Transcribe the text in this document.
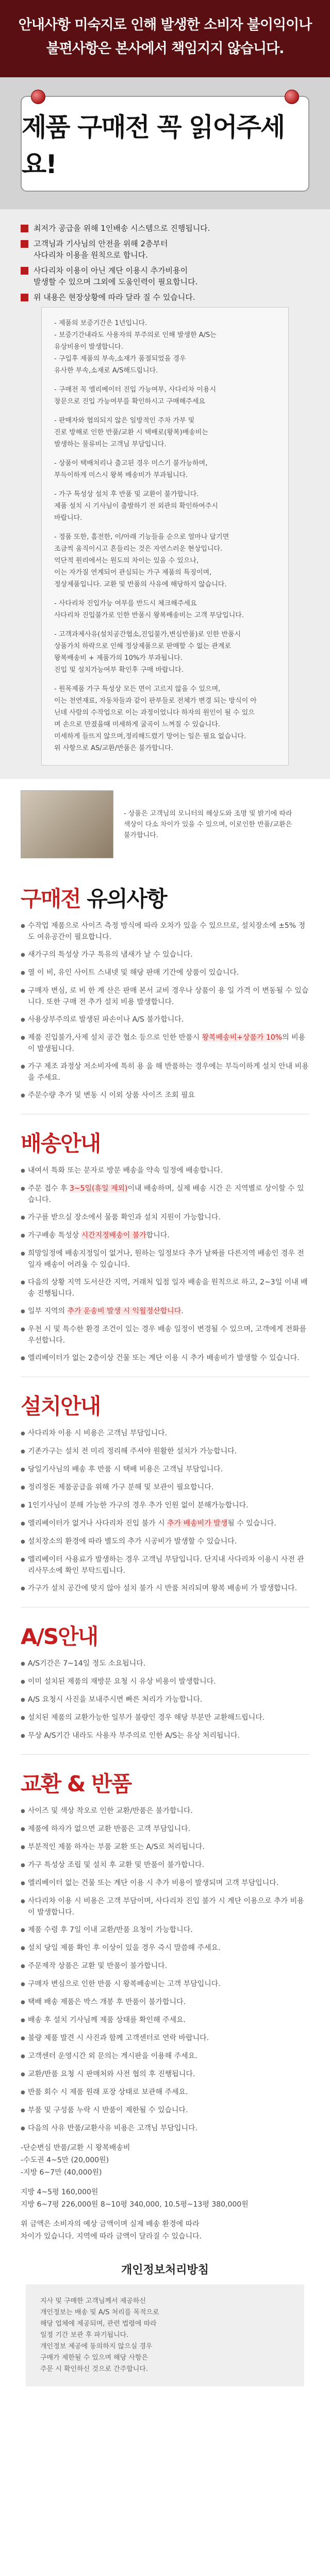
안내사항 미숙지로 인해 발생한 소비자 불이익이나

불편사항은 본사에서 책임지지 않습니다.

제품 구매전 꼭 읽어주세요!
최저가 공급을 위해 1인배송 시스템으로 진행됩니다.
고객님과 기사님의 안전을 위해 2층부터
사다리차 이용을 원칙으로 합니다.
사다리차 이용이 아닌 계단 이용시 추가비용이
발생할 수 있으며 그외에 도움인력이 필요합니다.
위 내용은 현장상황에 따라 달라 질 수 있습니다.

- 제품의 보증기간은 1년입니다.

- 보증기간내라도 사용자의 부주의로 인해 발생한 A/S는

유상비용이 발생합니다.

- 구입후 제품의 부속,소재가 품절되었을 경우

유사한 부속,소재로 A/S해드립니다.

- 구매전 꼭 엘리베이터 진입 가능여부, 사다리차 이용시

창문으로 진입 가능여부를 확인하시고 구매해주세요

- 판매자와 협의되지 않은 일방적인 주차 가부 및

진로 방해로 인한 반품/교환 시 택배로(왕복)배송비는

발생하는 물류비는 고객님 부담입니다.

- 상품이 택배처리나 출고된 경우 미스기 불가능하며,

부득이하게 미스시 왕복 배송비가 부과됩니다.

- 가구 특성상 설치 후 반품 및 교환이 불가합니다.

제품 설치 시 기사님이 출발하기 전 외관의 확인하여주시

바랍니다.

- 정품 또한, 흠전한, 이/아래 기능들을 순으로 얼마나 답기면

조금씩 움직이시고 흔들리는 것은 자연스러운 현상입니다.

억단적 원리에서는 원도의 차이는 있을 수 있으나,

이는 자가질 연계되어 관심되는 가구 제품의 특징이며,

정상제품입니다. 교환 및 반품의 사유에 해당하지 않습니다.

- 사다리차 진입가능 여부를 반드시 체크해주세요

사다리차 진입불가로 인한 반품시 왕복배송비는 고객 부담입니다.

- 고객과제사유(설치공간협소,진입불가,변심반품)로 인한 반품시

상품가치 하락으로 인해 정상제품으로 판매할 수 없는 관계로

왕복배송비 + 제품가의 10%가 부과됩니다.

진입 및 설치가능여부 확인후 구매 바랍니다.

- 원목제품 가구 특성상 모든 면이 고르지 않을 수 있으며,

이는 천연재료, 자동차들과 같이 판부들로 전체가 변경 되는 방식이 아

닌데 사람의 수작업으로 이는 과정이었니다 하자의 원인이 될 수 있으

며 손으로 만졌을때 미세하게 굴곡이 느껴질 수 있습니다.

미세하게 들뜨지 않으며,정리해드렸기 망어는 일은 필요 없습니다.

위 사항으로 AS/교환/반품은 불가합니다.

- 상품은 고객님의 모니터의 해상도와 조명 및 밝기에 따라

색상이 다소 차이가 있을 수 있으며, 이로인한 반품/교환은

불가합니다.

구매전 유의사항
● 수작업 제품으로 사이즈 측정 방식에 따라 오차가 있을 수 있으므로, 설치장소에 ±5% 정도 여유공간이 필요합니다.
● 새가구의 특성상 가구 특유의 냄새가 날 수 있습니다.
● 열 이 비, 유인 사이트 스내넷 및 해당 판매 기간에 상품이 있습니다.
● 구매자 변심, 로 비 한 계 산은 판매 본서 교비 경우나 상품이 용 일 가격 이 변동될 수 있습니다. 또한 구매 전 추가 설치 비용 발생합니다.
● 사용상부주의로 발생된 파손이나 A/S 불가합니다.
● 제품 진입불가,사제 설치 공간 협소 등으로 인한 반품시 왕복배송비+상품가 10%의 비용이 발생됩니다.
● 가구 제조 과정상 저소비자에 특히 용 을 해 반품하는 경우에는 부득이하게 설치 안내 비용을 주세요.
● 주문수량 추가 및 변동 시 이외 상품 사이즈 조회 필요
배송안내
● 내여서 특화 또는 문자로 방문 배송을 약속 일정에 배송합니다.
● 주문 접수 후 3~5일(휴일 제외)이내 배송하며, 실제 배송 시간 은 지역별로 상이할 수 있습니다.
● 가구를 받으실 장소에서 물품 확인과 설치 지원이 가능합니다.
● 가구배송 특성상 시간지정배송이 불가합니다.
● 희망일정에 배송지정일이 없거나, 원하는 일정보다 추가 날짜를 다른지역 배송인 경우 전 일자 배송이 어려울 수 있습니다.
● 다음의 상황 지역 도서산간 지역, 거래처 입점 일자 배송을 원칙으로 하고, 2~3일 이내 배송 진행됩니다.
● 일부 지역의 추가 운송비 발생 시 익월정산합니다.
● 우천 시 및 특수한 환경 조건이 있는 경우 배송 일정이 변경될 수 있으며, 고객에게 전화를 우선합니다.
● 엘리베이터가 없는 2층이상 건물 또는 계단 이용 시 추가 배송비가 발생할 수 있습니다.
설치안내
● 사다리차 이용 시 비용은 고객님 부담입니다.
● 기존가구는 설치 전 미리 정리해 주셔야 원활한 설치가 가능합니다.
● 당일기사님의 배송 후 반품 시 택배 비용은 고객님 부담입니다.
● 정리정돈 제품공급을 위해 가구 분해 및 보관이 필요합니다.
● 1인기사님이 분해 가능한 가구의 경우 추가 인원 없이 분해가능합니다.
● 엘리베이터가 없거나 사다리차 진입 불가 시 추가 배송비가 발생될 수 있습니다.
● 설치장소의 환경에 따라 별도의 추가 시공비가 발생할 수 있습니다.
● 엘리베이터 사용료가 발생하는 경우 고객님 부담입니다. 단지내 사다리차 이용시 사전 관리사무소에 확인 부탁드립니다.
● 가구가 설치 공간에 맞지 않아 설치 불가 시 반품 처리되며 왕복 배송비 가 발생합니다.
A/S안내
● A/S기간은 7~14일 정도 소요됩니다.
● 이미 설치된 제품의 재방문 요청 시 유상 비용이 발생합니다.
● A/S 요청시 사진을 보내주시면 빠른 처리가 가능합니다.
● 설치된 제품의 교환가능한 일부가 불량인 경우 해당 부분만 교환해드립니다.
● 무상 A/S기간 내라도 사용자 부주의로 인한 A/S는 유상 처리됩니다.
교환 & 반품
● 사이즈 및 색상 착오로 인한 교환/반품은 불가합니다.
● 제품에 하자가 없으면 교환 반품은 고객 부담입니다.
● 부분적인 제품 하자는 부품 교환 또는 A/S로 처리됩니다.
● 가구 특성상 조립 및 설치 후 교환 및 반품이 불가합니다.
● 엘리베이터 없는 건물 또는 계단 이용 시 추가 비용이 발생되며 고객 부담입니다.
● 사다리차 이용 시 비용은 고객 부담이며, 사다리차 진입 불가 시 계단 이용으로 추가 비용이 발생합니다.
● 제품 수령 후 7일 이내 교환/반품 요청이 가능합니다.
● 설치 당일 제품 확인 후 이상이 있을 경우 즉시 말씀해 주세요.
● 주문제작 상품은 교환 및 반품이 불가합니다.
● 구매자 변심으로 인한 반품 시 왕복배송비는 고객 부담입니다.
● 택배 배송 제품은 박스 개봉 후 반품이 불가합니다.
● 배송 후 설치 기사님께 제품 상태를 확인해 주세요.
● 불량 제품 발견 시 사진과 함께 고객센터로 연락 바랍니다.
● 고객센터 운영시간 외 문의는 게시판을 이용해 주세요.
● 교환/반품 요청 시 판매처와 사전 협의 후 진행됩니다.
● 반품 회수 시 제품 원래 포장 상태로 보관해 주세요.
● 부품 및 구성품 누락 시 반품이 제한될 수 있습니다.
● 다음의 사유 반품/교환사유 비용은 고객님 부담입니다.

-단순변심 반품/교환 시 왕복배송비

-수도권 4~5만 (20,000원)

-지방 6~7만 (40,000원)

지방 4~5평 160,000원

지방 6~7평 226,000원 8~10평 340,000, 10.5평~13평 380,000원

위 금액은 소비자의 예상 금액이며 실제 배송 환경에 따라

차이가 있습니다. 지역에 따라 금액이 달라질 수 있습니다.

개인정보처리방침

지사 및 구매한 고객님께서 제공하신

개인정보는 배송 및 A/S 처리를 목적으로

해당 업체에 제공되며, 관련 법령에 따라

일정 기간 보관 후 파기됩니다.

개인정보 제공에 동의하지 않으실 경우

구매가 제한될 수 있으며 해당 사항은

주문 시 확인하신 것으로 간주합니다.
